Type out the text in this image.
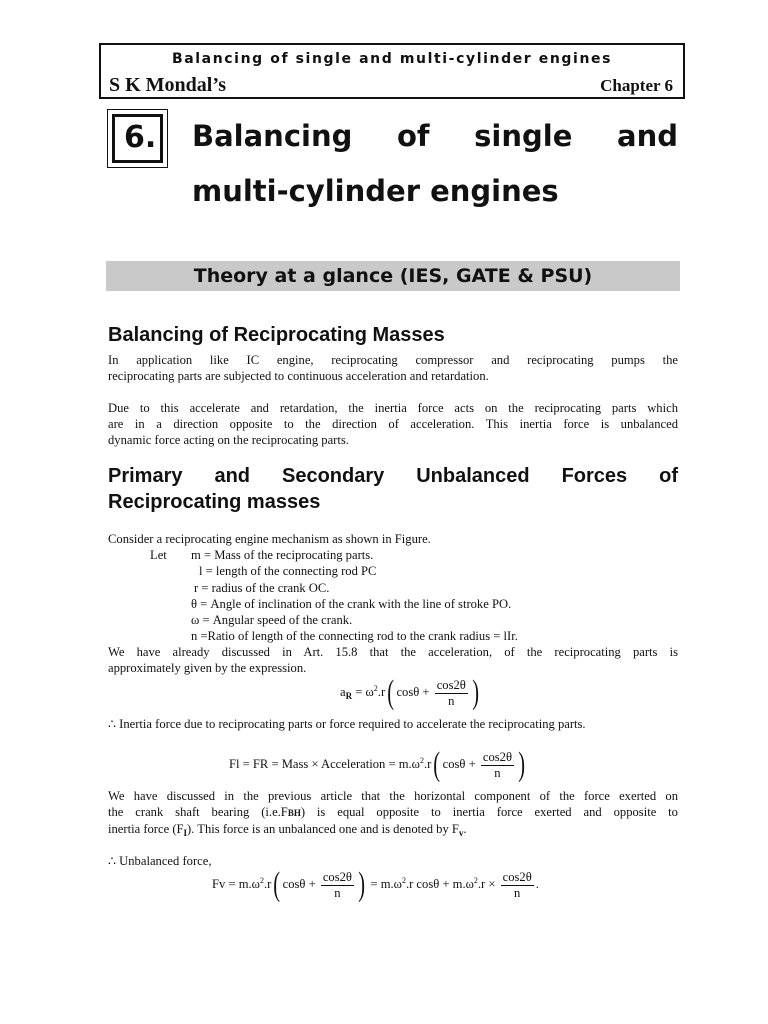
Balancing of single and multi-cylinder engines
S K Mondal’s	Chapter 6
6. Balancing of single and
multi-cylinder engines
Theory at a glance (IES, GATE & PSU)
Balancing of Reciprocating Masses
In application like IC engine, reciprocating compressor and reciprocating pumps the
reciprocating parts are subjected to continuous acceleration and retardation.
Due to this accelerate and retardation, the inertia force acts on the reciprocating parts which
are in a direction opposite to the direction of acceleration. This inertia force is unbalanced
dynamic force acting on the reciprocating parts.
Primary and Secondary Unbalanced Forces of
Reciprocating masses
Consider a reciprocating engine mechanism as shown in Figure.
Let m = Mass of the reciprocating parts.
l = length of the connecting rod PC
r = radius of the crank OC.
θ = Angle of inclination of the crank with the line of stroke PO.
ω = Angular speed of the crank.
n =Ratio of length of the connecting rod to the crank radius = lIr.
We have already discussed in Art. 15.8 that the acceleration, of the reciprocating parts is
approximately given by the expression.
$a_R = \omega^2.r$( $\cos\theta + \frac{\cos 2\theta}{n}$ )
∴ Inertia force due to reciprocating parts or force required to accelerate the reciprocating parts.
Fl = FR = Mass × Acceleration = $m.\omega^2.r$( $\cos\theta + \frac{\cos 2\theta}{n}$ )
We have discussed in the previous article that the horizontal component of the force exerted on
the crank shaft bearing (i.e.FBH) is equal opposite to inertia force exerted and opposite to
inertia force $(F_I)$. This force is an unbalanced one and is denoted by $F_v$.
∴ Unbalanced force,
$Fv = m.\omega^2.r$( $\cos\theta + \frac{\cos 2\theta}{n}$ ) = $m.\omega^2.r$ $\cos\theta + m.\omega^2.r \times \frac{\cos 2\theta}{n}$ .
